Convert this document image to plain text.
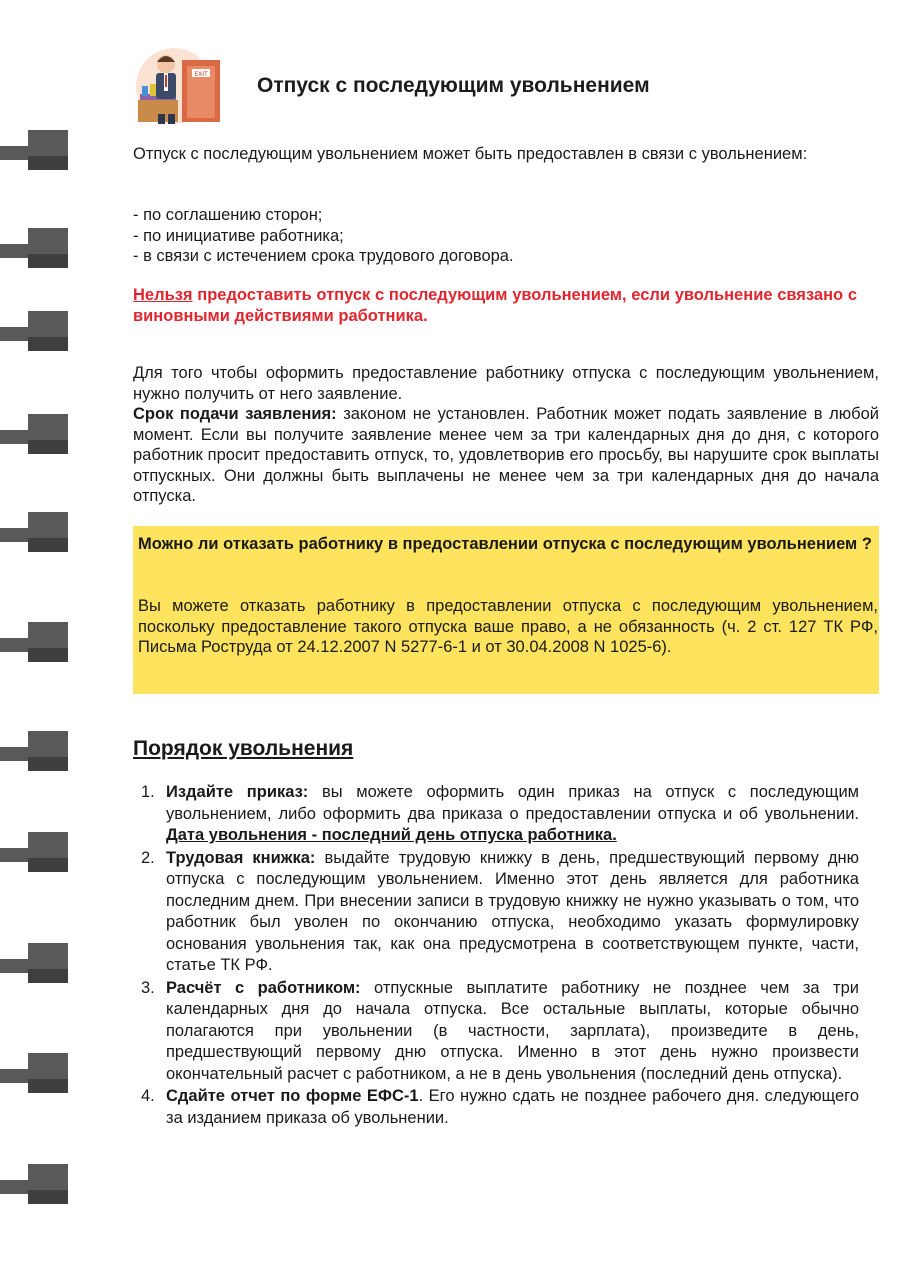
EXIT Отпуск с последующим увольнением
Отпуск с последующим увольнением может быть предоставлен в связи с увольнением:
- по соглашению сторон;
- по инициативе работника;
- в связи с истечением срока трудового договора.
Нельзя предоставить отпуск с последующим увольнением, если увольнение связано с виновными действиями работника.
Для того чтобы оформить предоставление работнику отпуска с последующим увольнением, нужно получить от него заявление.
Срок подачи заявления: законом не установлен. Работник может подать заявление в любой момент. Если вы получите заявление менее чем за три календарных дня до дня, с которого работник просит предоставить отпуск, то, удовлетворив его просьбу, вы нарушите срок выплаты отпускных. Они должны быть выплачены не менее чем за три календарных дня до начала отпуска.
Можно ли отказать работнику в предоставлении отпуска с последующим увольнением ?
Вы можете отказать работнику в предоставлении отпуска с последующим увольнением, поскольку предоставление такого отпуска ваше право, а не обязанность (ч. 2 ст. 127 ТК РФ, Письма Роструда от 24.12.2007 N 5277-6-1 и от 30.04.2008 N 1025-6).
Порядок увольнения
1. Издайте приказ: вы можете оформить один приказ на отпуск с последующим увольнением, либо оформить два приказа о предоставлении отпуска и об увольнении. Дата увольнения - последний день отпуска работника.
2. Трудовая книжка: выдайте трудовую книжку в день, предшествующий первому дню отпуска с последующим увольнением. Именно этот день является для работника последним днем. При внесении записи в трудовую книжку не нужно указывать о том, что работник был уволен по окончанию отпуска, необходимо указать формулировку основания увольнения так, как она предусмотрена в соответствующем пункте, части, статье ТК РФ.
3. Расчёт с работником: отпускные выплатите работнику не позднее чем за три календарных дня до начала отпуска. Все остальные выплаты, которые обычно полагаются при увольнении (в частности, зарплата), произведите в день, предшествующий первому дню отпуска. Именно в этот день нужно произвести окончательный расчет с работником, а не в день увольнения (последний день отпуска).
4. Сдайте отчет по форме ЕФС-1. Его нужно сдать не позднее рабочего дня. следующего за изданием приказа об увольнении.
